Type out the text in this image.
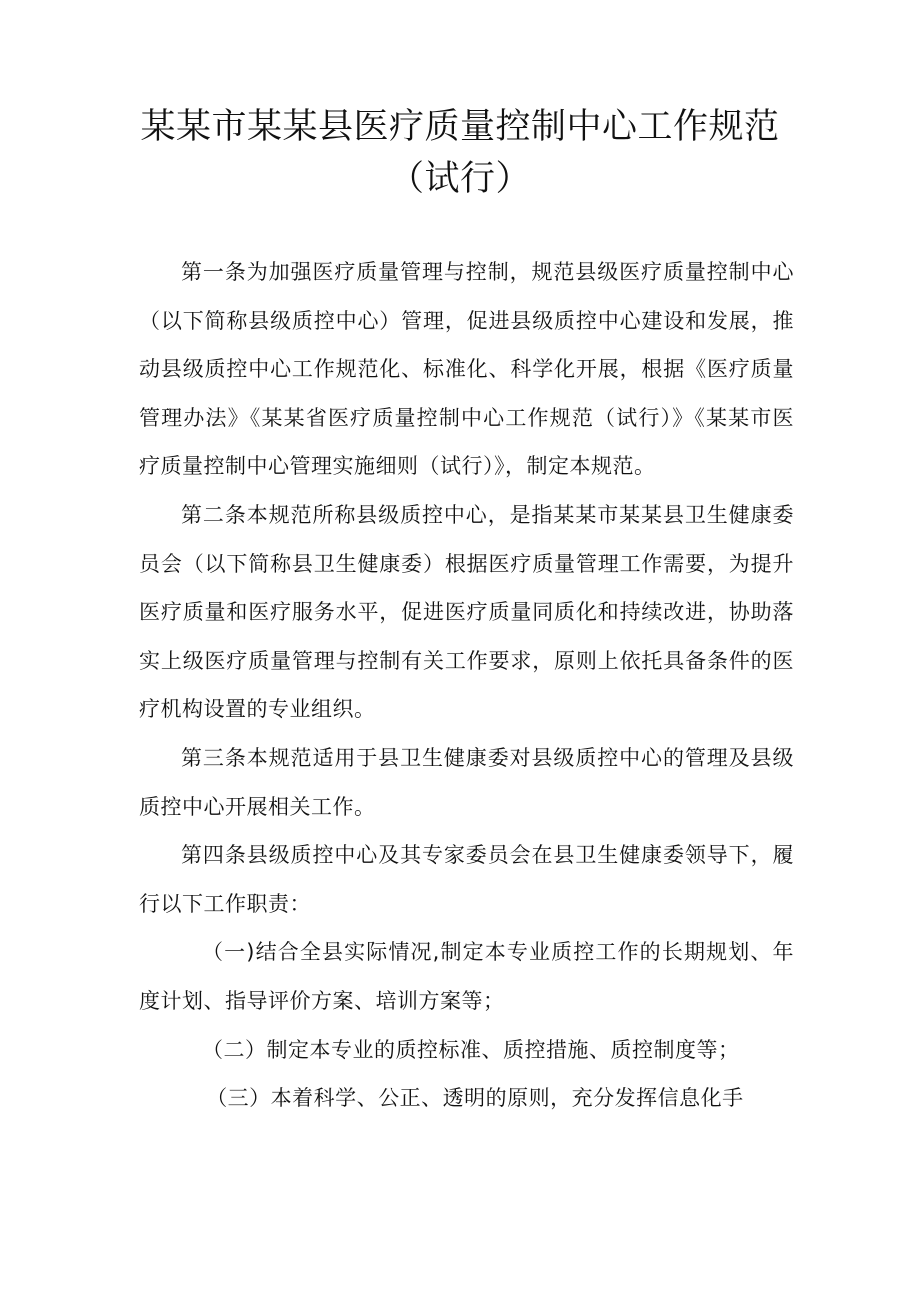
某某市某某县医疗质量控制中心工作规范
（试行）

第一条为加强医疗质量管理与控制，规范县级医疗质量控制中心（以下简称县级质控中心）管理，促进县级质控中心建设和发展，推动县级质控中心工作规范化、标准化、科学化开展，根据《医疗质量管理办法》《某某省医疗质量控制中心工作规范（试行）》《某某市医疗质量控制中心管理实施细则（试行）》，制定本规范。

第二条本规范所称县级质控中心，是指某某市某某县卫生健康委员会（以下简称县卫生健康委）根据医疗质量管理工作需要，为提升医疗质量和医疗服务水平，促进医疗质量同质化和持续改进，协助落实上级医疗质量管理与控制有关工作要求，原则上依托具备条件的医疗机构设置的专业组织。

第三条本规范适用于县卫生健康委对县级质控中心的管理及县级质控中心开展相关工作。

第四条县级质控中心及其专家委员会在县卫生健康委领导下，履行以下工作职责：

（一)结合全县实际情况,制定本专业质控工作的长期规划、年度计划、指导评价方案、培训方案等；

（二）制定本专业的质控标准、质控措施、质控制度等；

（三）本着科学、公正、透明的原则，充分发挥信息化手
